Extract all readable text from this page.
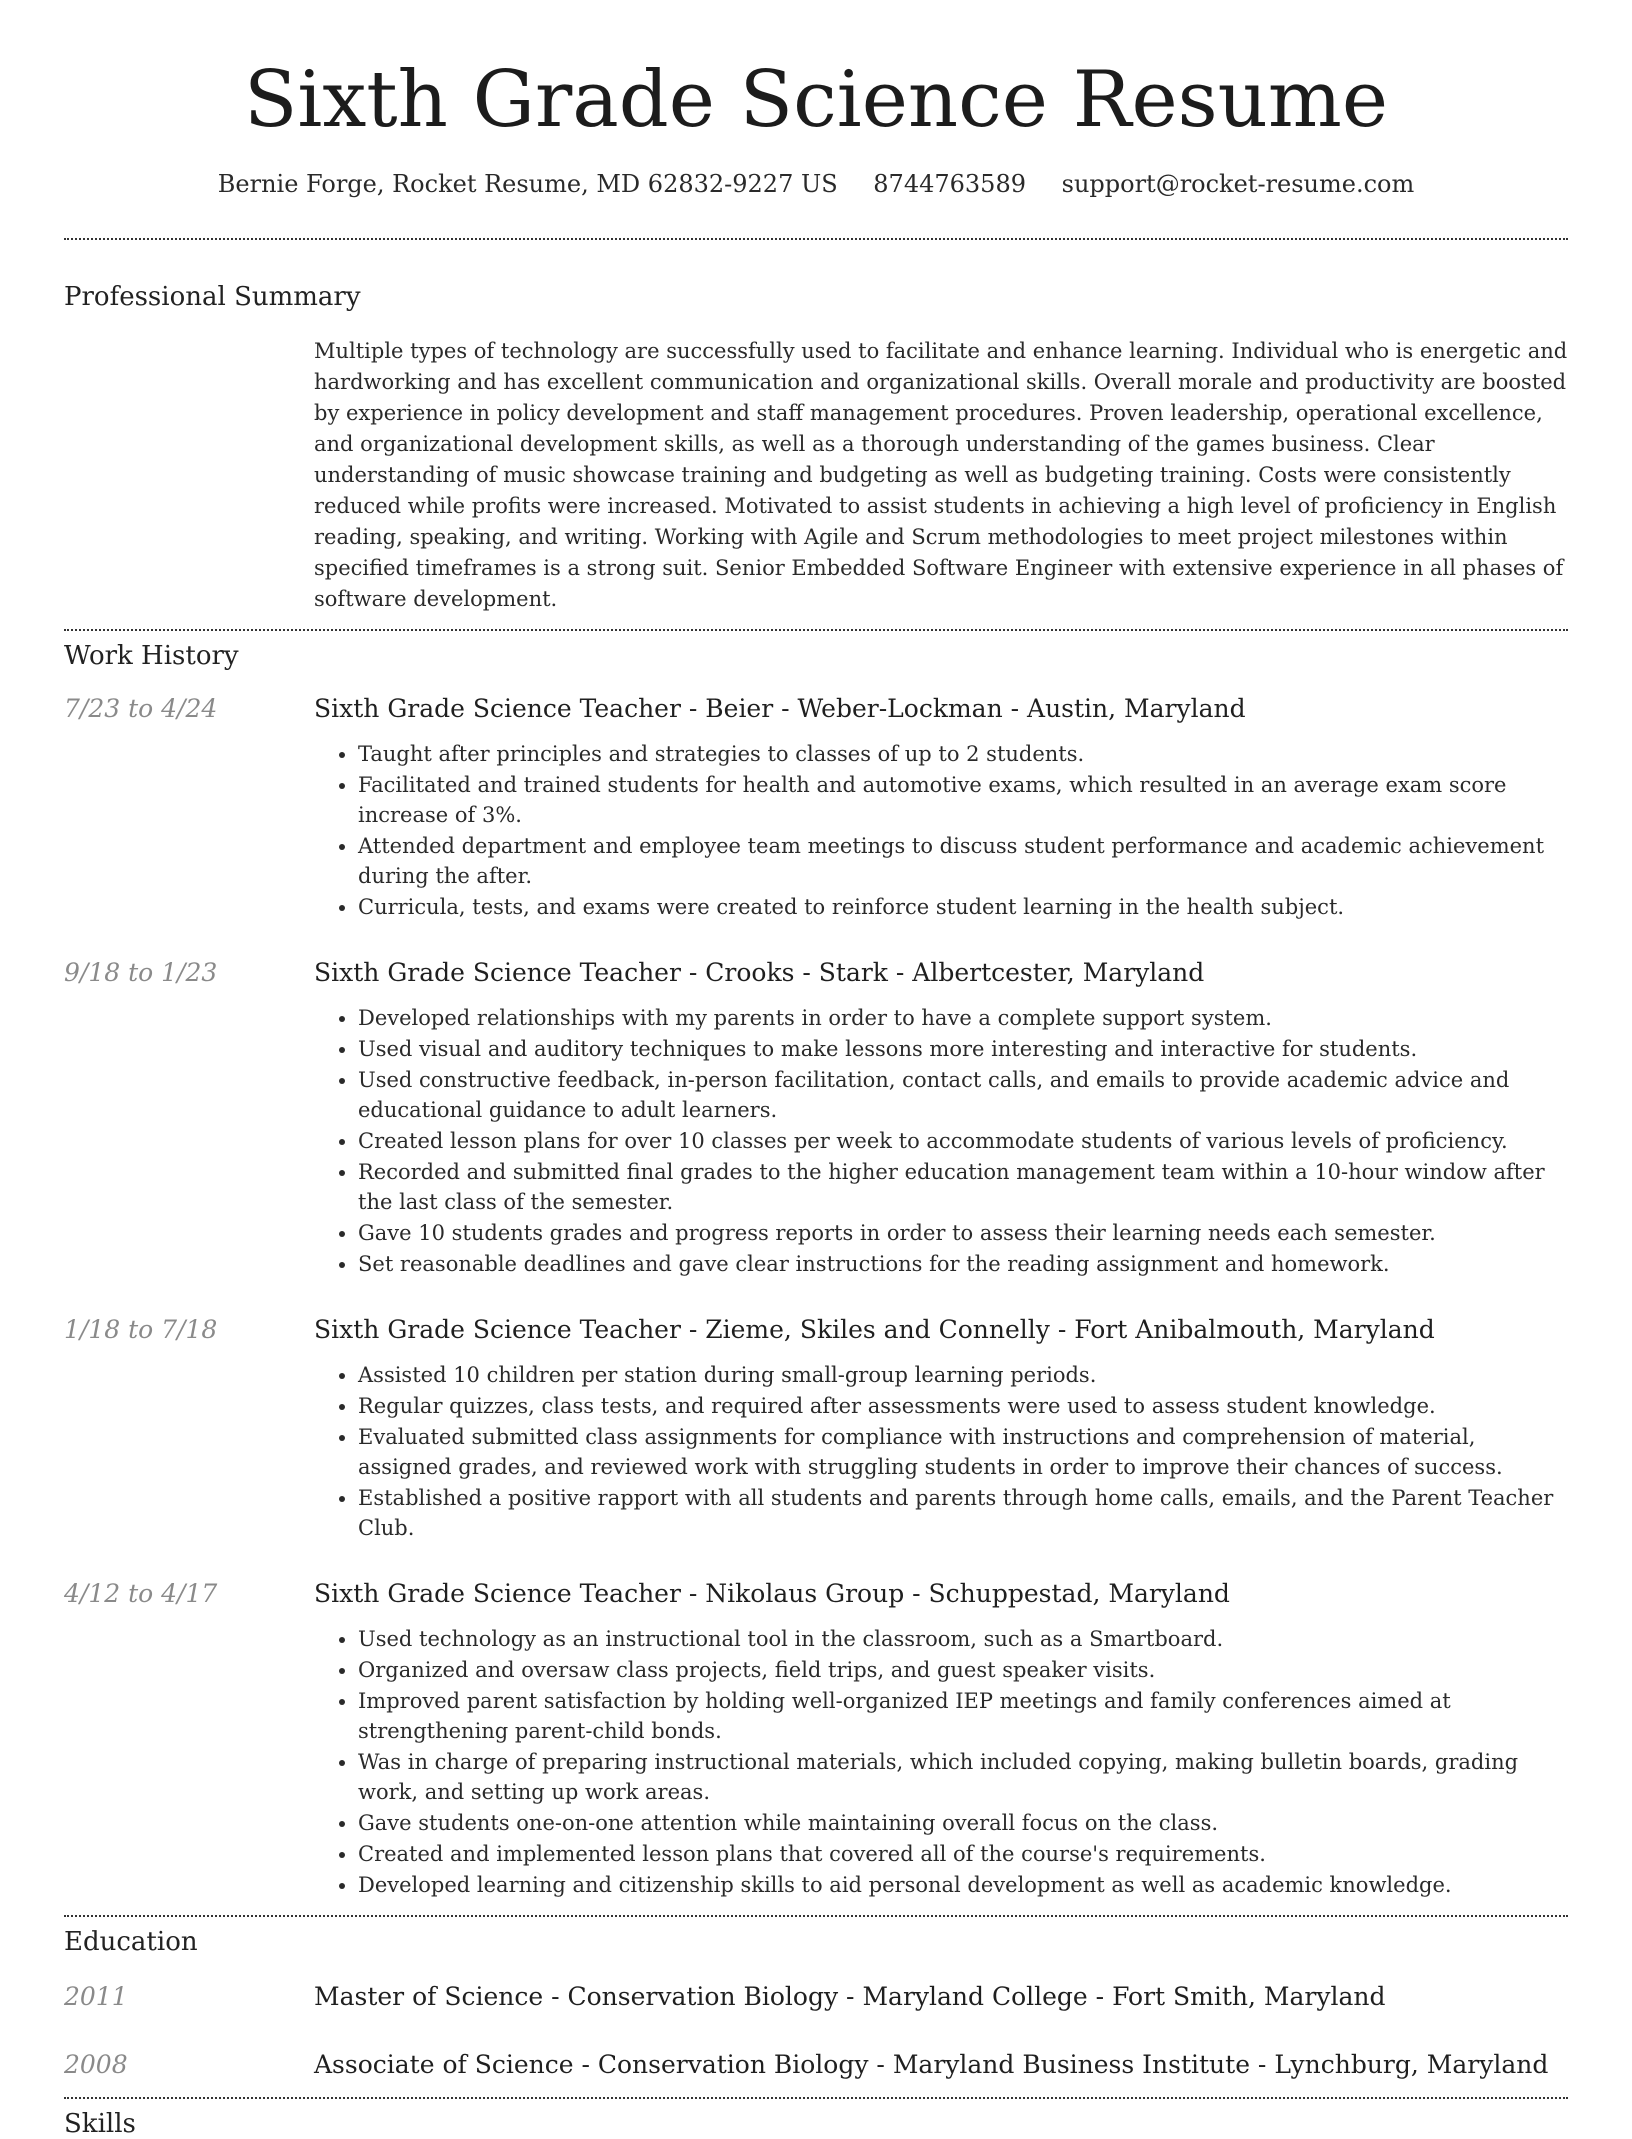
Sixth Grade Science Resume
Bernie Forge, Rocket Resume, MD 62832-9227 US 8744763589 support@rocket-resume.com
Professional Summary
Multiple types of technology are successfully used to facilitate and enhance learning. Individual who is energetic and hardworking and has excellent communication and organizational skills. Overall morale and productivity are boosted by experience in policy development and staff management procedures. Proven leadership, operational excellence, and organizational development skills, as well as a thorough understanding of the games business. Clear understanding of music showcase training and budgeting as well as budgeting training. Costs were consistently reduced while profits were increased. Motivated to assist students in achieving a high level of proficiency in English reading, speaking, and writing. Working with Agile and Scrum methodologies to meet project milestones within specified timeframes is a strong suit. Senior Embedded Software Engineer with extensive experience in all phases of software development.
Work History
7/23 to 4/24	Sixth Grade Science Teacher - Beier - Weber-Lockman - Austin, Maryland
• Taught after principles and strategies to classes of up to 2 students.
• Facilitated and trained students for health and automotive exams, which resulted in an average exam score increase of 3%.
• Attended department and employee team meetings to discuss student performance and academic achievement during the after.
• Curricula, tests, and exams were created to reinforce student learning in the health subject.
9/18 to 1/23	Sixth Grade Science Teacher - Crooks - Stark - Albertcester, Maryland
• Developed relationships with my parents in order to have a complete support system.
• Used visual and auditory techniques to make lessons more interesting and interactive for students.
• Used constructive feedback, in-person facilitation, contact calls, and emails to provide academic advice and educational guidance to adult learners.
• Created lesson plans for over 10 classes per week to accommodate students of various levels of proficiency.
• Recorded and submitted final grades to the higher education management team within a 10-hour window after the last class of the semester.
• Gave 10 students grades and progress reports in order to assess their learning needs each semester.
• Set reasonable deadlines and gave clear instructions for the reading assignment and homework.
1/18 to 7/18	Sixth Grade Science Teacher - Zieme, Skiles and Connelly - Fort Anibalmouth, Maryland
• Assisted 10 children per station during small-group learning periods.
• Regular quizzes, class tests, and required after assessments were used to assess student knowledge.
• Evaluated submitted class assignments for compliance with instructions and comprehension of material, assigned grades, and reviewed work with struggling students in order to improve their chances of success.
• Established a positive rapport with all students and parents through home calls, emails, and the Parent Teacher Club.
4/12 to 4/17	Sixth Grade Science Teacher - Nikolaus Group - Schuppestad, Maryland
• Used technology as an instructional tool in the classroom, such as a Smartboard.
• Organized and oversaw class projects, field trips, and guest speaker visits.
• Improved parent satisfaction by holding well-organized IEP meetings and family conferences aimed at strengthening parent-child bonds.
• Was in charge of preparing instructional materials, which included copying, making bulletin boards, grading work, and setting up work areas.
• Gave students one-on-one attention while maintaining overall focus on the class.
• Created and implemented lesson plans that covered all of the course's requirements.
• Developed learning and citizenship skills to aid personal development as well as academic knowledge.
Education
2011	Master of Science - Conservation Biology - Maryland College - Fort Smith, Maryland
2008	Associate of Science - Conservation Biology - Maryland Business Institute - Lynchburg, Maryland
Skills
